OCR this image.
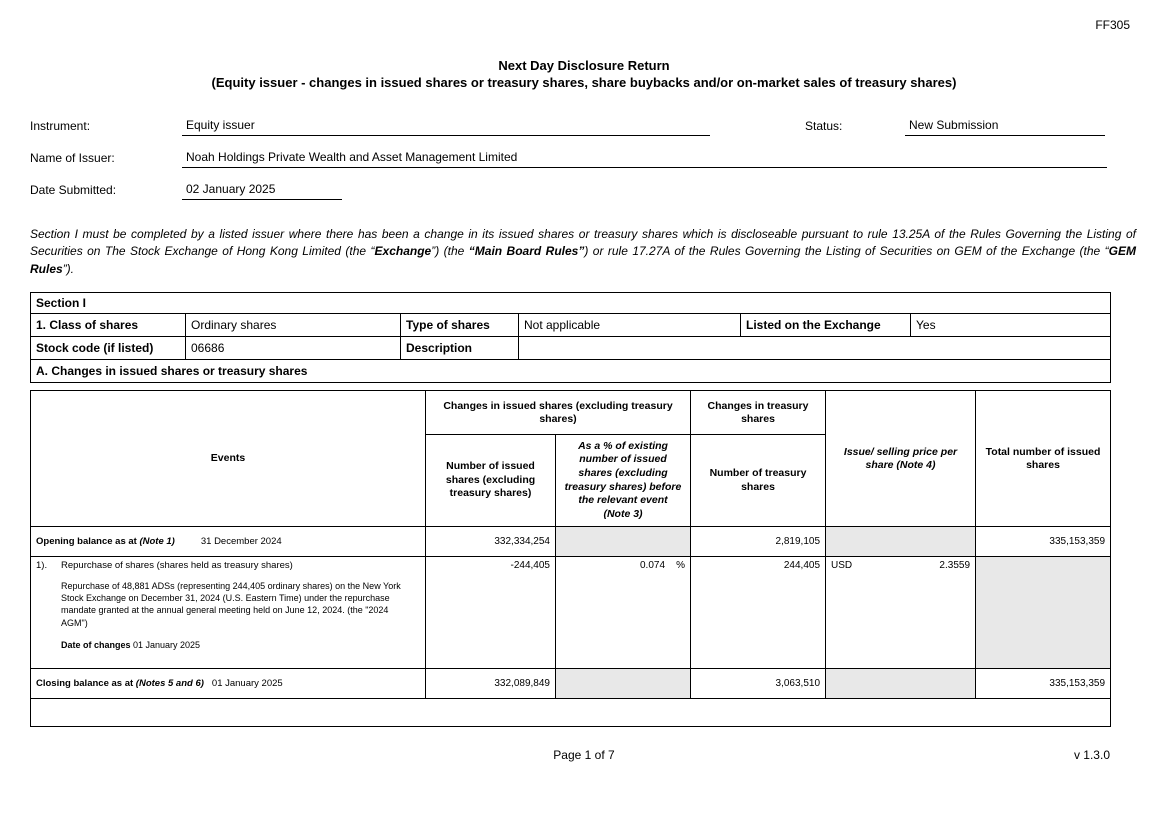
FF305
Next Day Disclosure Return
(Equity issuer - changes in issued shares or treasury shares, share buybacks and/or on-market sales of treasury shares)
Instrument:	Equity issuer	Status:	New Submission
Name of Issuer:	Noah Holdings Private Wealth and Asset Management Limited
Date Submitted:	02 January 2025
Section I must be completed by a listed issuer where there has been a change in its issued shares or treasury shares which is discloseable pursuant to rule 13.25A of the Rules Governing the Listing of Securities on The Stock Exchange of Hong Kong Limited (the “Exchange”) (the “Main Board Rules”) or rule 17.27A of the Rules Governing the Listing of Securities on GEM of the Exchange (the “GEM Rules”).
Section I					
1. Class of shares	Ordinary shares	Type of shares	Not applicable	Listed on the Exchange	Yes
Stock code (if listed)	06686	Description			
A. Changes in issued shares or treasury shares					
Events	Changes in issued shares (excluding treasury shares)		Changes in treasury shares	Issue/ selling price per share (Note 4)	Total number of issued shares
	Number of issued shares (excluding treasury shares)	As a % of existing number of issued shares (excluding treasury shares) before the relevant event (Note 3)	Number of treasury shares		
Opening balance as at (Note 1) 31 December 2024	332,334,254		2,819,105		335,153,359

1).	Repurchase of shares (shares held as treasury shares)
Repurchase of 48,881 ADSs (representing 244,405 ordinary shares) on the New York Stock Exchange on December 31, 2024 (U.S. Eastern Time) under the repurchase mandate granted at the annual general meeting held on June 12, 2024. (the "2024 AGM")
Date of changes 01 January 2025
	-244,405	0.074	%	244,405	USD	2.3559

Closing balance as at (Notes 5 and 6) 01 January 2025	332,089,849		3,063,510		335,153,359

Page 1 of 7	v 1.3.0
